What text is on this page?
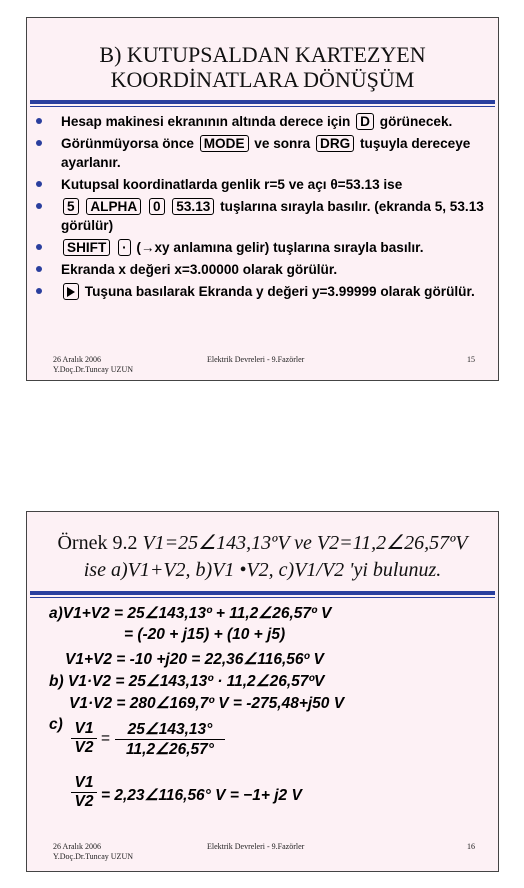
B) KUTUPSALDAN KARTEZYEN
KOORDİNATLARA DÖNÜŞÜM
Hesap makinesi ekranının altında derece için D görünecek.
Görünmüyorsa önce MODE ve sonra DRG tuşuyla dereceye ayarlanır.
Kutupsal koordinatlarda genlik r=5 ve açı θ=53.13 ise
5 ALPHA 0 53.13 tuşlarına sırayla basılır. (ekranda 5, 53.13 görülür)
SHIFT · (→xy anlamına gelir) tuşlarına sırayla basılır.
Ekranda x değeri x=3.00000 olarak görülür.
Tuşuna basılarak Ekranda y değeri y=3.99999 olarak görülür.
26 Aralık 2006
Y.Doç.Dr.Tuncay UZUN
Elektrik Devreleri - 9.Fazörler	15
Örnek 9.2 V1=25∠143,13ºV ve V2=11,2∠26,57ºV
ise a)V1+V2, b)V1 •V2, c)V1/V2 'yi bulunuz.
a)V1+V2 = 25∠143,13º + 11,2∠26,57º V
= (-20 + j15) + (10 + j5)
V1+V2 = -10 +j20 = 22,36∠116,56º V
b) V1·V2 = 25∠143,13º · 11,2∠26,57ºV
V1·V2 = 280∠169,7º V = -275,48+j50 V
c) V1
V2
=
25∠143,13°
11,2∠26,57°
V1
V2 = 2,23∠116,56° V = −1+ j2 V
26 Aralık 2006
Y.Doç.Dr.Tuncay UZUN
Elektrik Devreleri - 9.Fazörler	16
